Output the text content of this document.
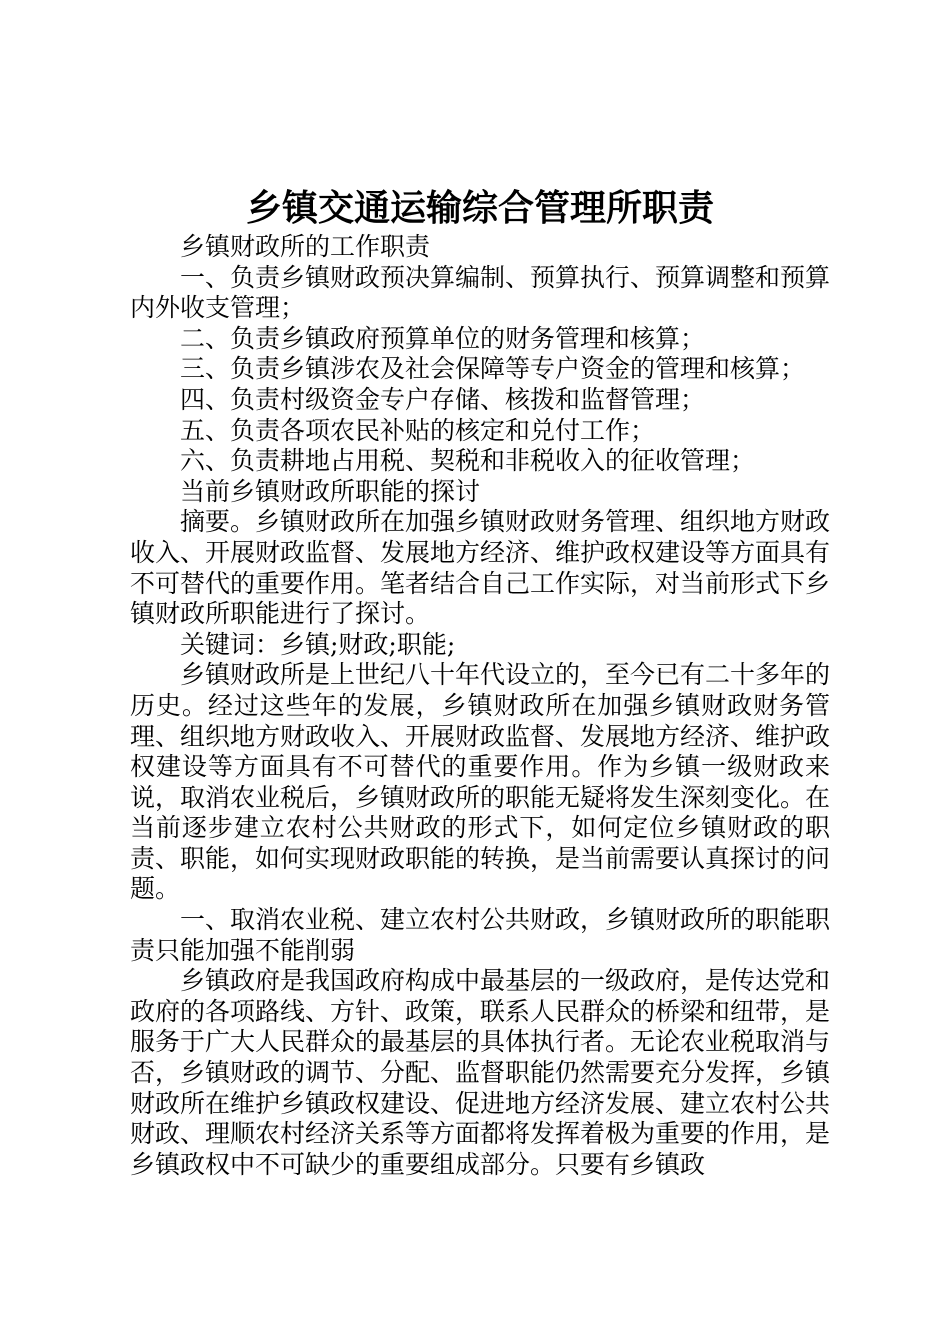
乡镇交通运输综合管理所职责

乡镇财政所的工作职责

一、负责乡镇财政预决算编制、预算执行、预算调整和预算内外收支管理；

二、负责乡镇政府预算单位的财务管理和核算；

三、负责乡镇涉农及社会保障等专户资金的管理和核算；

四、负责村级资金专户存储、核拨和监督管理；

五、负责各项农民补贴的核定和兑付工作；

六、负责耕地占用税、契税和非税收入的征收管理；

当前乡镇财政所职能的探讨

摘要。乡镇财政所在加强乡镇财政财务管理、组织地方财政收入、开展财政监督、发展地方经济、维护政权建设等方面具有不可替代的重要作用。笔者结合自己工作实际，对当前形式下乡镇财政所职能进行了探讨。

关键词：乡镇;财政;职能;

乡镇财政所是上世纪八十年代设立的，至今已有二十多年的历史。经过这些年的发展，乡镇财政所在加强乡镇财政财务管理、组织地方财政收入、开展财政监督、发展地方经济、维护政权建设等方面具有不可替代的重要作用。作为乡镇一级财政来说，取消农业税后，乡镇财政所的职能无疑将发生深刻变化。在当前逐步建立农村公共财政的形式下，如何定位乡镇财政的职责、职能，如何实现财政职能的转换，是当前需要认真探讨的问题。

一、取消农业税、建立农村公共财政，乡镇财政所的职能职责只能加强不能削弱

乡镇政府是我国政府构成中最基层的一级政府，是传达党和政府的各项路线、方针、政策，联系人民群众的桥梁和纽带，是服务于广大人民群众的最基层的具体执行者。无论农业税取消与否，乡镇财政的调节、分配、监督职能仍然需要充分发挥，乡镇财政所在维护乡镇政权建设、促进地方经济发展、建立农村公共财政、理顺农村经济关系等方面都将发挥着极为重要的作用，是乡镇政权中不可缺少的重要组成部分。只要有乡镇政
